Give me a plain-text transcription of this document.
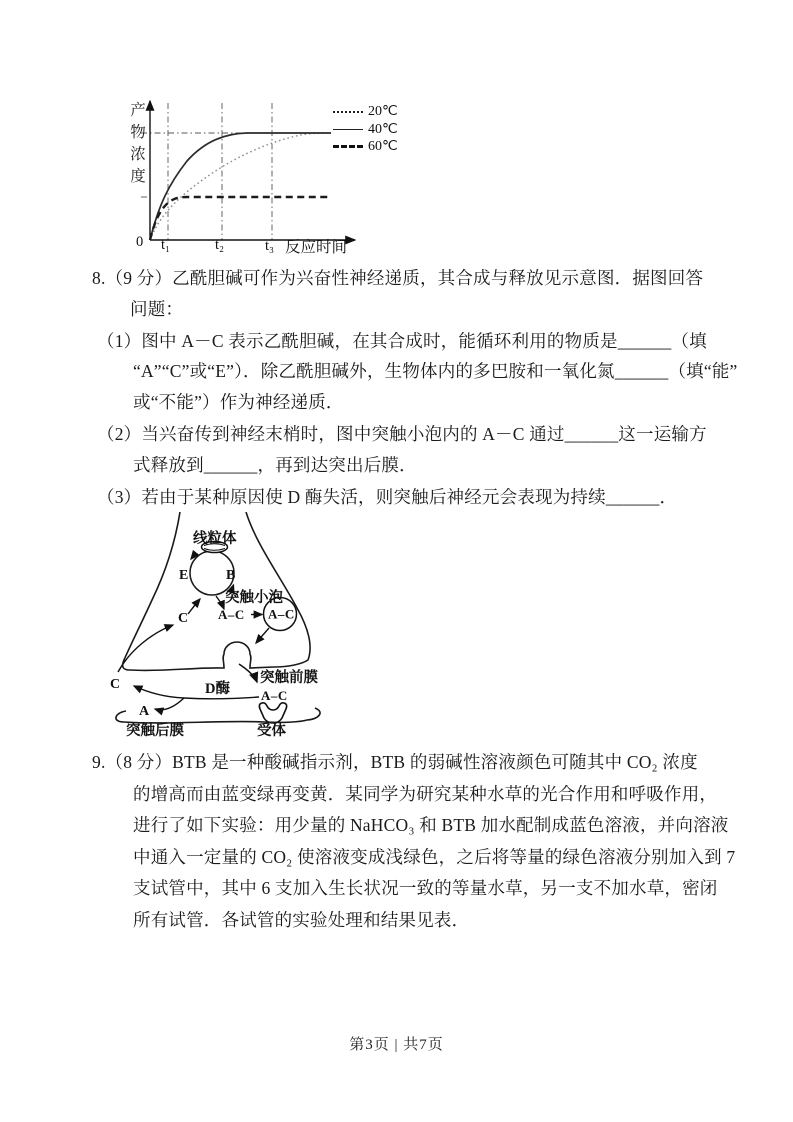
产物浓度
0 t₁	t₂	t₃ 反应时间
20℃
40℃
60℃
8.（9 分）乙酰胆碱可作为兴奋性神经递质，其合成与释放见示意图．据图回答
问题：
（1）图中 A－C 表示乙酰胆碱，在其合成时，能循环利用的物质是______（填
“A”“C”或“E”）．除乙酰胆碱外，生物体内的多巴胺和一氧化氮______（填“能”
或“不能”）作为神经递质．
（2）当兴奋传到神经末梢时，图中突触小泡内的 A－C 通过______这一运输方
式释放到______，再到达突出后膜．
（3）若由于某种原因使 D 酶失活，则突触后神经元会表现为持续______．
线粒体
E	B
突触小泡
C A–C A–C
突触前膜
D酶 A–C
C
A
突触后膜	受体
9.（8 分）BTB 是一种酸碱指示剂，BTB 的弱碱性溶液颜色可随其中 CO₂ 浓度
的增高而由蓝变绿再变黄．某同学为研究某种水草的光合作用和呼吸作用，
进行了如下实验：用少量的 NaHCO₃ 和 BTB 加水配制成蓝色溶液，并向溶液
中通入一定量的 CO₂ 使溶液变成浅绿色，之后将等量的绿色溶液分别加入到 7
支试管中，其中 6 支加入生长状况一致的等量水草，另一支不加水草，密闭
所有试管．各试管的实验处理和结果见表．
第3页 | 共7页
